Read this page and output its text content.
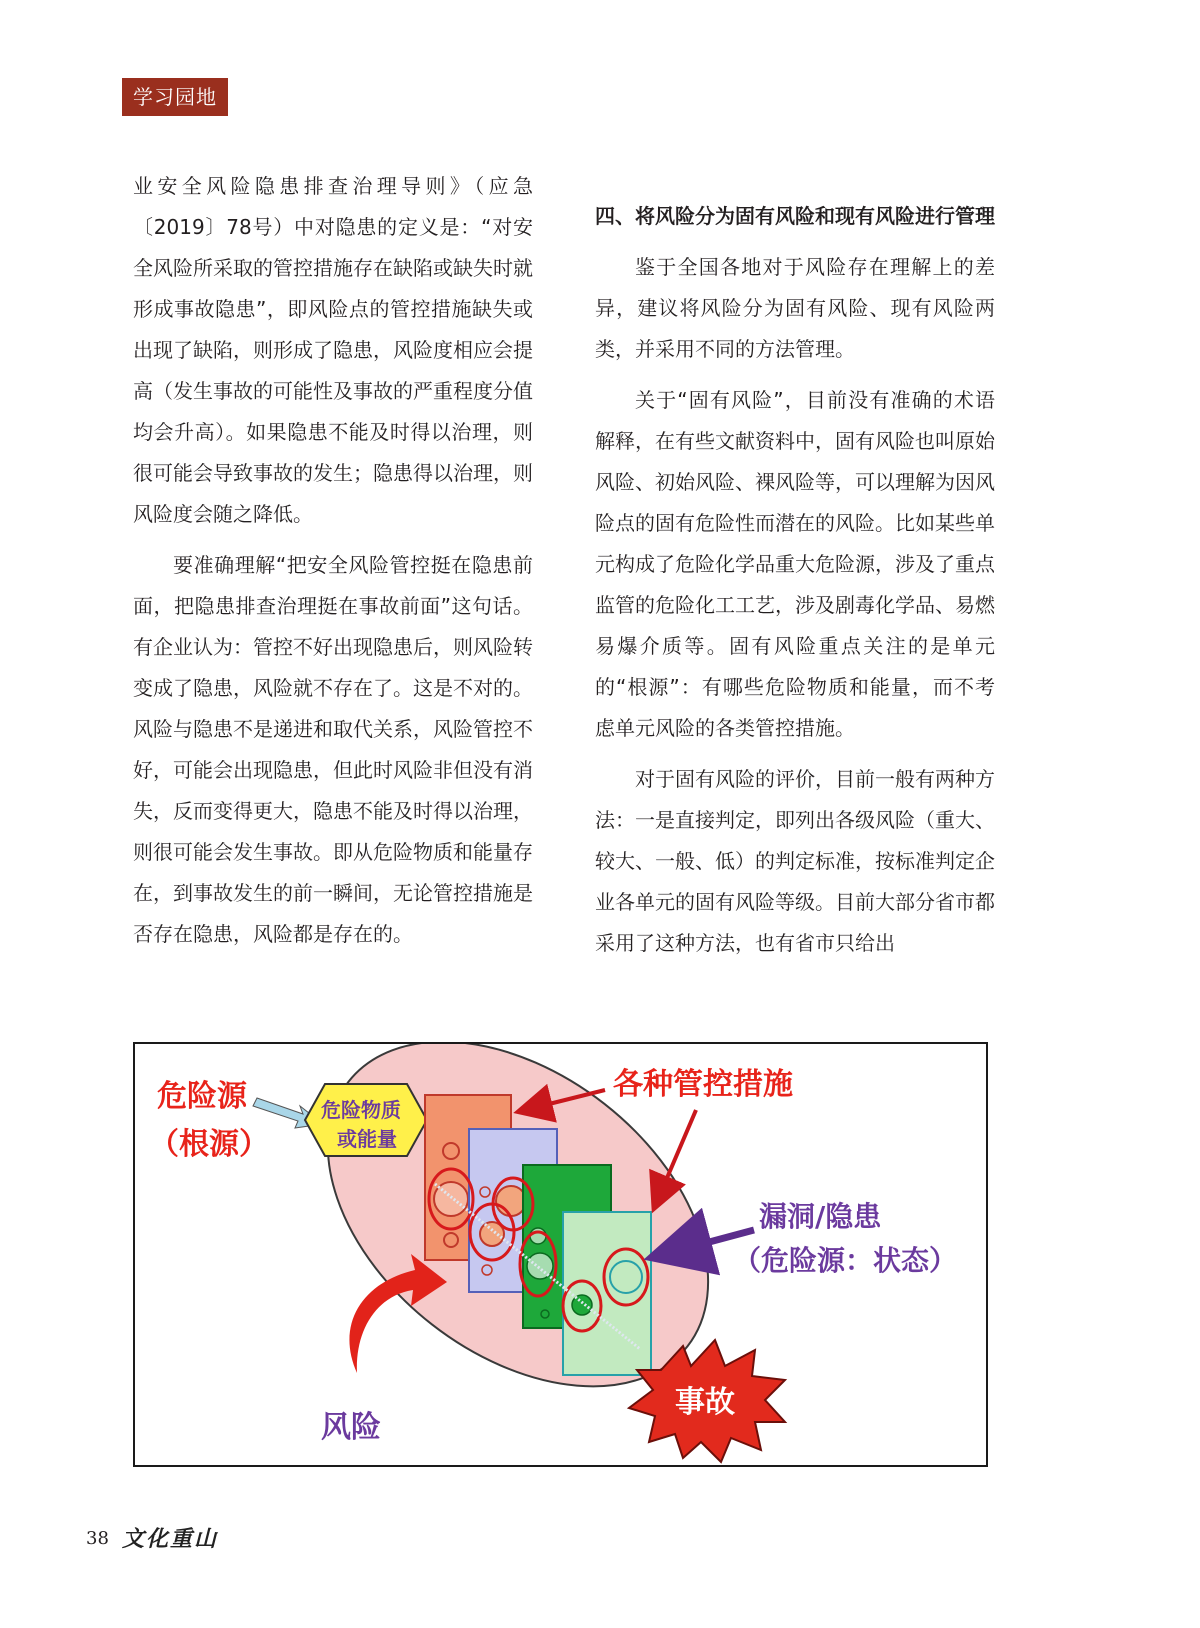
学习园地

业安全风险隐患排查治理导则》（应急〔2019〕78号）中对隐患的定义是：“对安全风险所采取的管控措施存在缺陷或缺失时就形成事故隐患”，即风险点的管控措施缺失或出现了缺陷，则形成了隐患，风险度相应会提高（发生事故的可能性及事故的严重程度分值均会升高）。如果隐患不能及时得以治理，则很可能会导致事故的发生；隐患得以治理，则风险度会随之降低。

要准确理解“把安全风险管控挺在隐患前面，把隐患排查治理挺在事故前面”这句话。有企业认为：管控不好出现隐患后，则风险转变成了隐患，风险就不存在了。这是不对的。风险与隐患不是递进和取代关系，风险管控不好，可能会出现隐患，但此时风险非但没有消失，反而变得更大，隐患不能及时得以治理，则很可能会发生事故。即从危险物质和能量存在，到事故发生的前一瞬间，无论管控措施是否存在隐患，风险都是存在的。

四、将风险分为固有风险和现有风险进行管理

鉴于全国各地对于风险存在理解上的差异，建议将风险分为固有风险、现有风险两类，并采用不同的方法管理。

关于“固有风险”，目前没有准确的术语解释，在有些文献资料中，固有风险也叫原始风险、初始风险、裸风险等，可以理解为因风险点的固有危险性而潜在的风险。比如某些单元构成了危险化学品重大危险源，涉及了重点监管的危险化工工艺，涉及剧毒化学品、易燃易爆介质等。固有风险重点关注的是单元的“根源”：有哪些危险物质和能量，而不考虑单元风险的各类管控措施。

对于固有风险的评价，目前一般有两种方法：一是直接判定，即列出各级风险（重大、较大、一般、低）的判定标准，按标准判定企业各单元的固有风险等级。目前大部分省市都采用了这种方法，也有省市只给出

危险源
（根源）
危险物质
或能量
各种管控措施
漏洞/隐患
（危险源：状态）
风险
事故
38 文化重山
